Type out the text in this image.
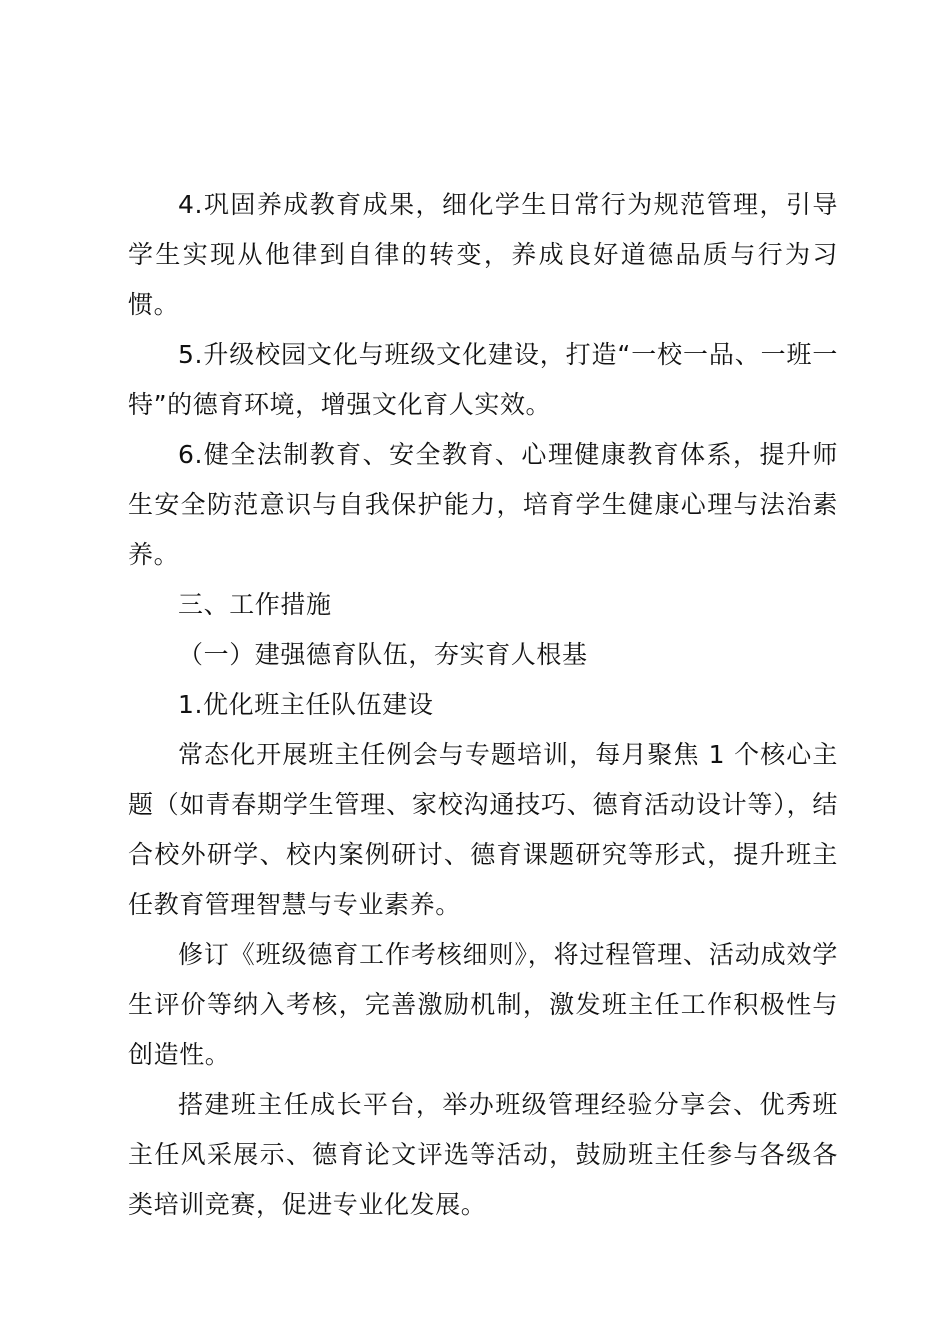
4.巩固养成教育成果，细化学生日常行为规范管理，引导学生实现从他律到自律的转变，养成良好道德品质与行为习惯。

5.升级校园文化与班级文化建设，打造“一校一品、一班一特”的德育环境，增强文化育人实效。

6.健全法制教育、安全教育、心理健康教育体系，提升师生安全防范意识与自我保护能力，培育学生健康心理与法治素养。

三、工作措施

（一）建强德育队伍，夯实育人根基

1.优化班主任队伍建设

常态化开展班主任例会与专题培训，每月聚焦 1 个核心主题（如青春期学生管理、家校沟通技巧、德育活动设计等），结合校外研学、校内案例研讨、德育课题研究等形式，提升班主任教育管理智慧与专业素养。

修订《班级德育工作考核细则》，将过程管理、活动成效学生评价等纳入考核，完善激励机制，激发班主任工作积极性与创造性。

搭建班主任成长平台，举办班级管理经验分享会、优秀班主任风采展示、德育论文评选等活动，鼓励班主任参与各级各类培训竞赛，促进专业化发展。
